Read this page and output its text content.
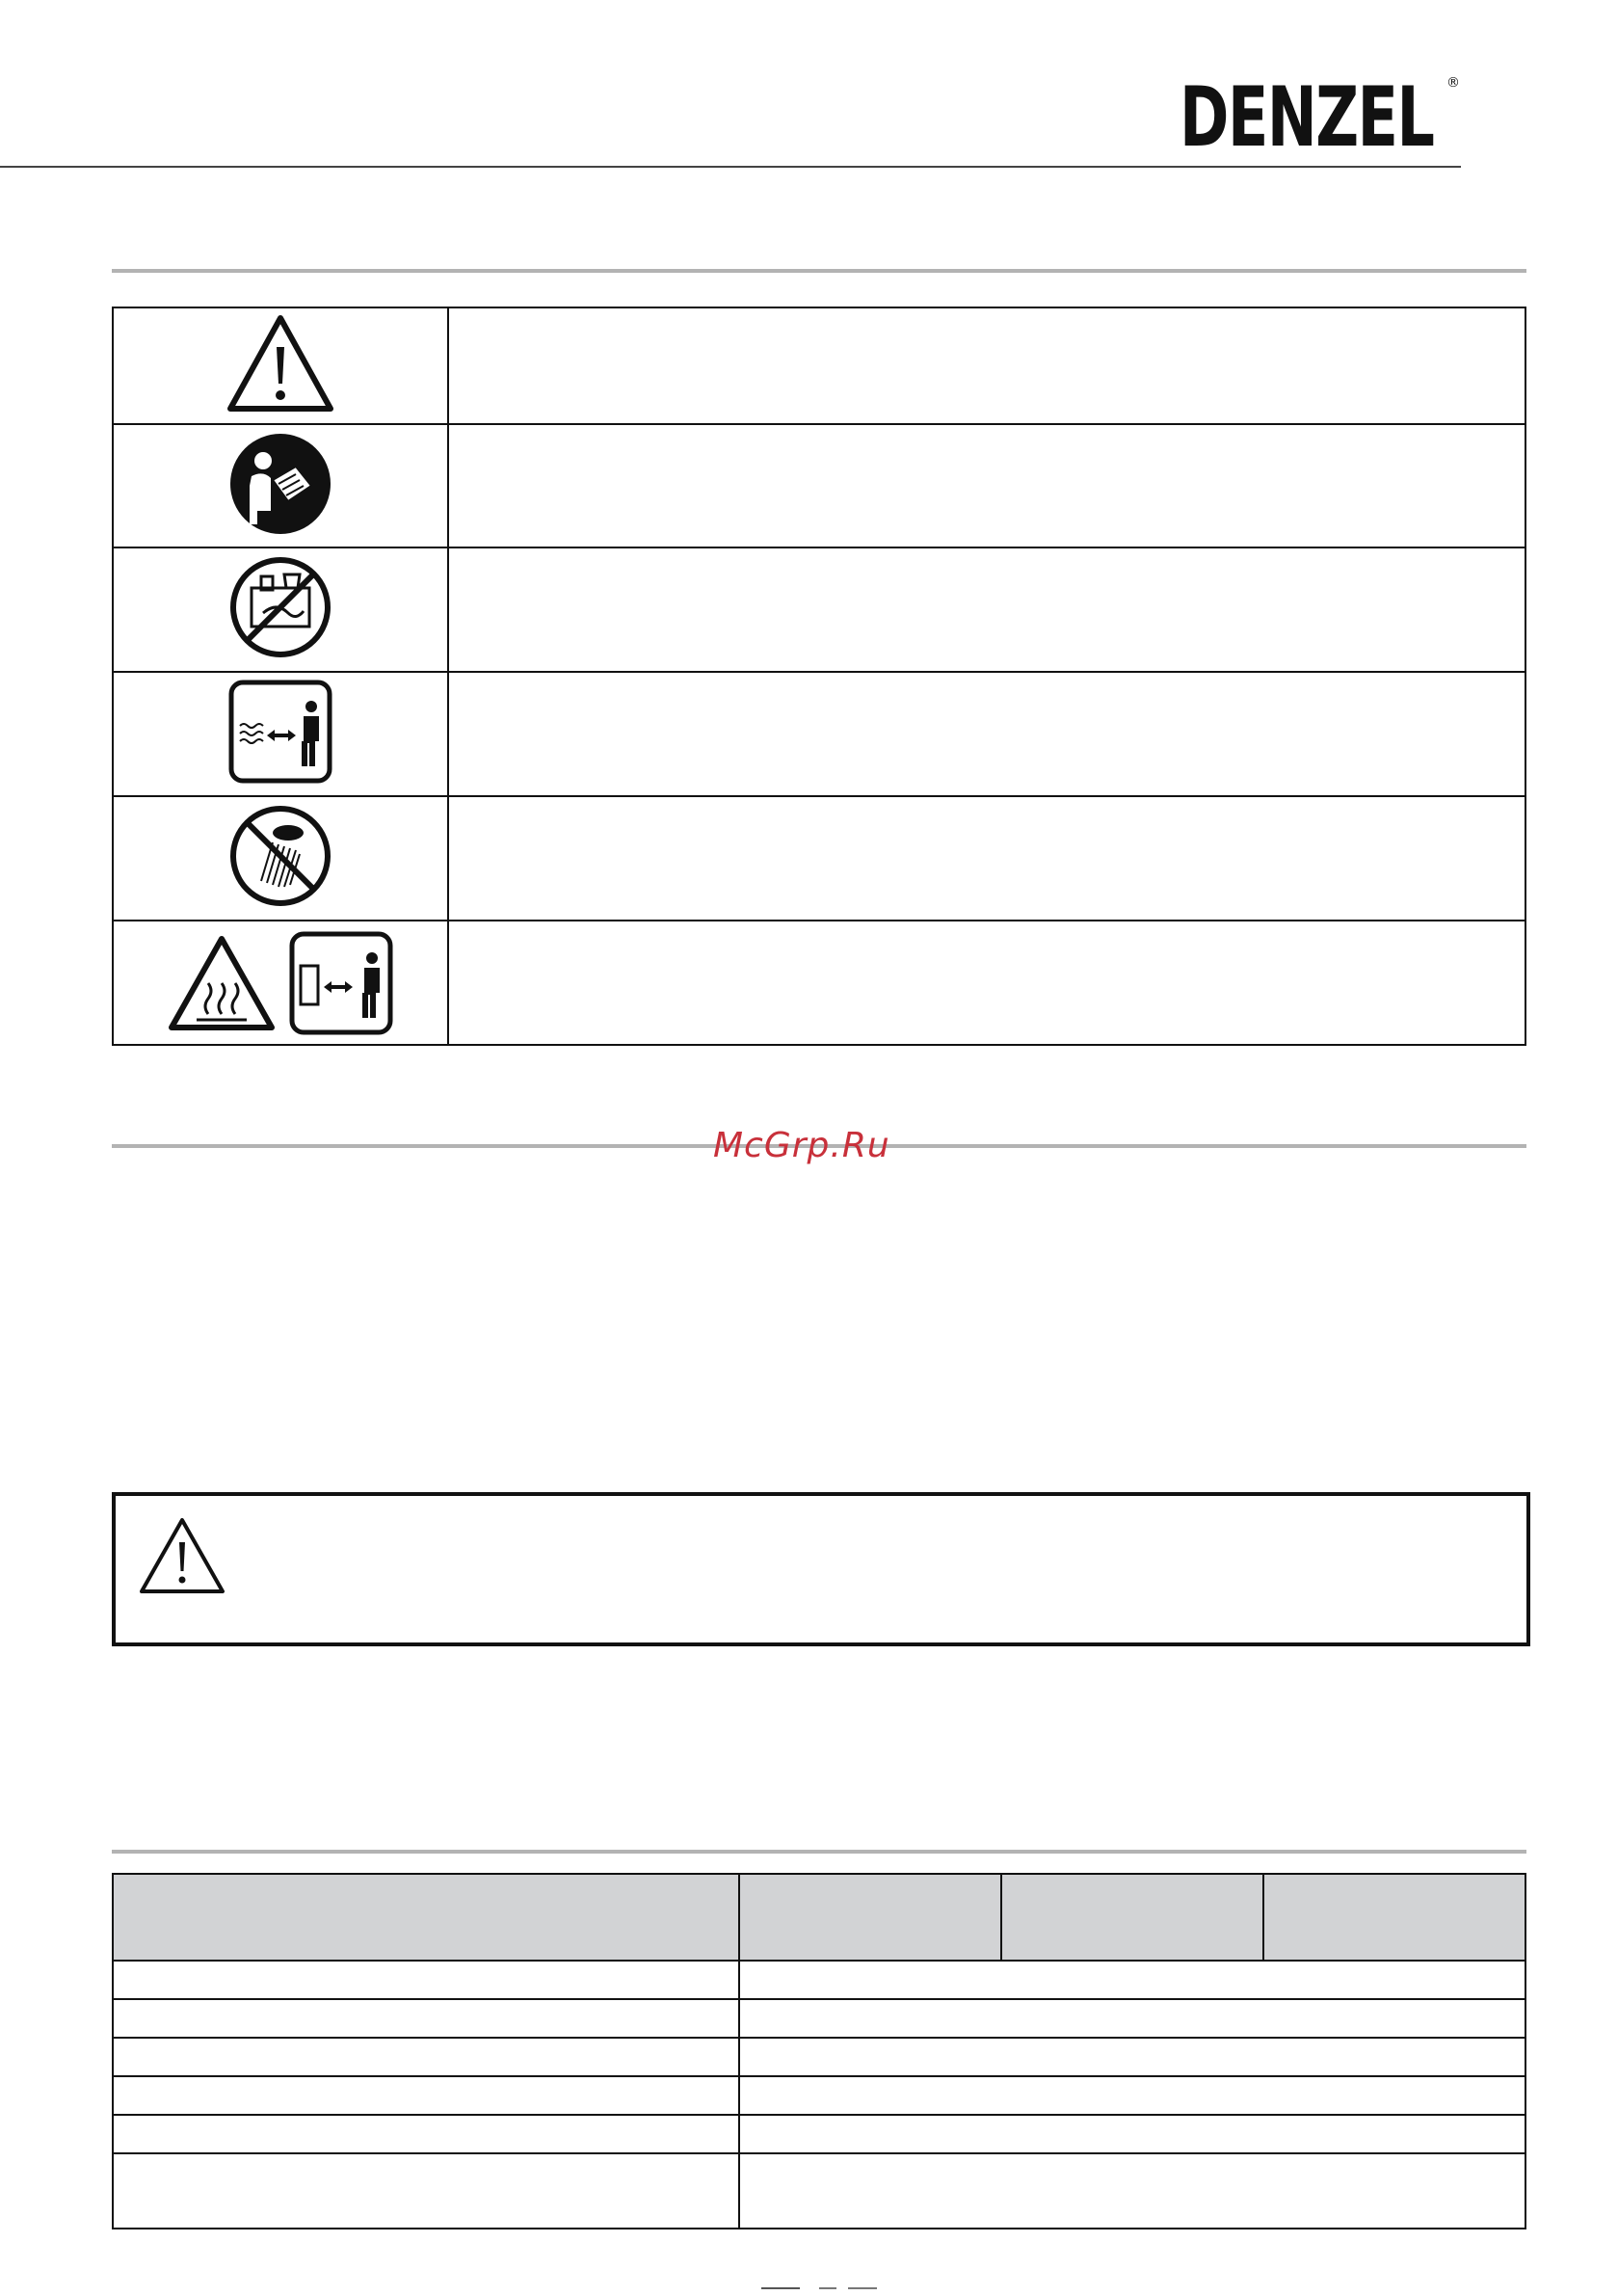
DENZEL ®

McGrp.Ru
